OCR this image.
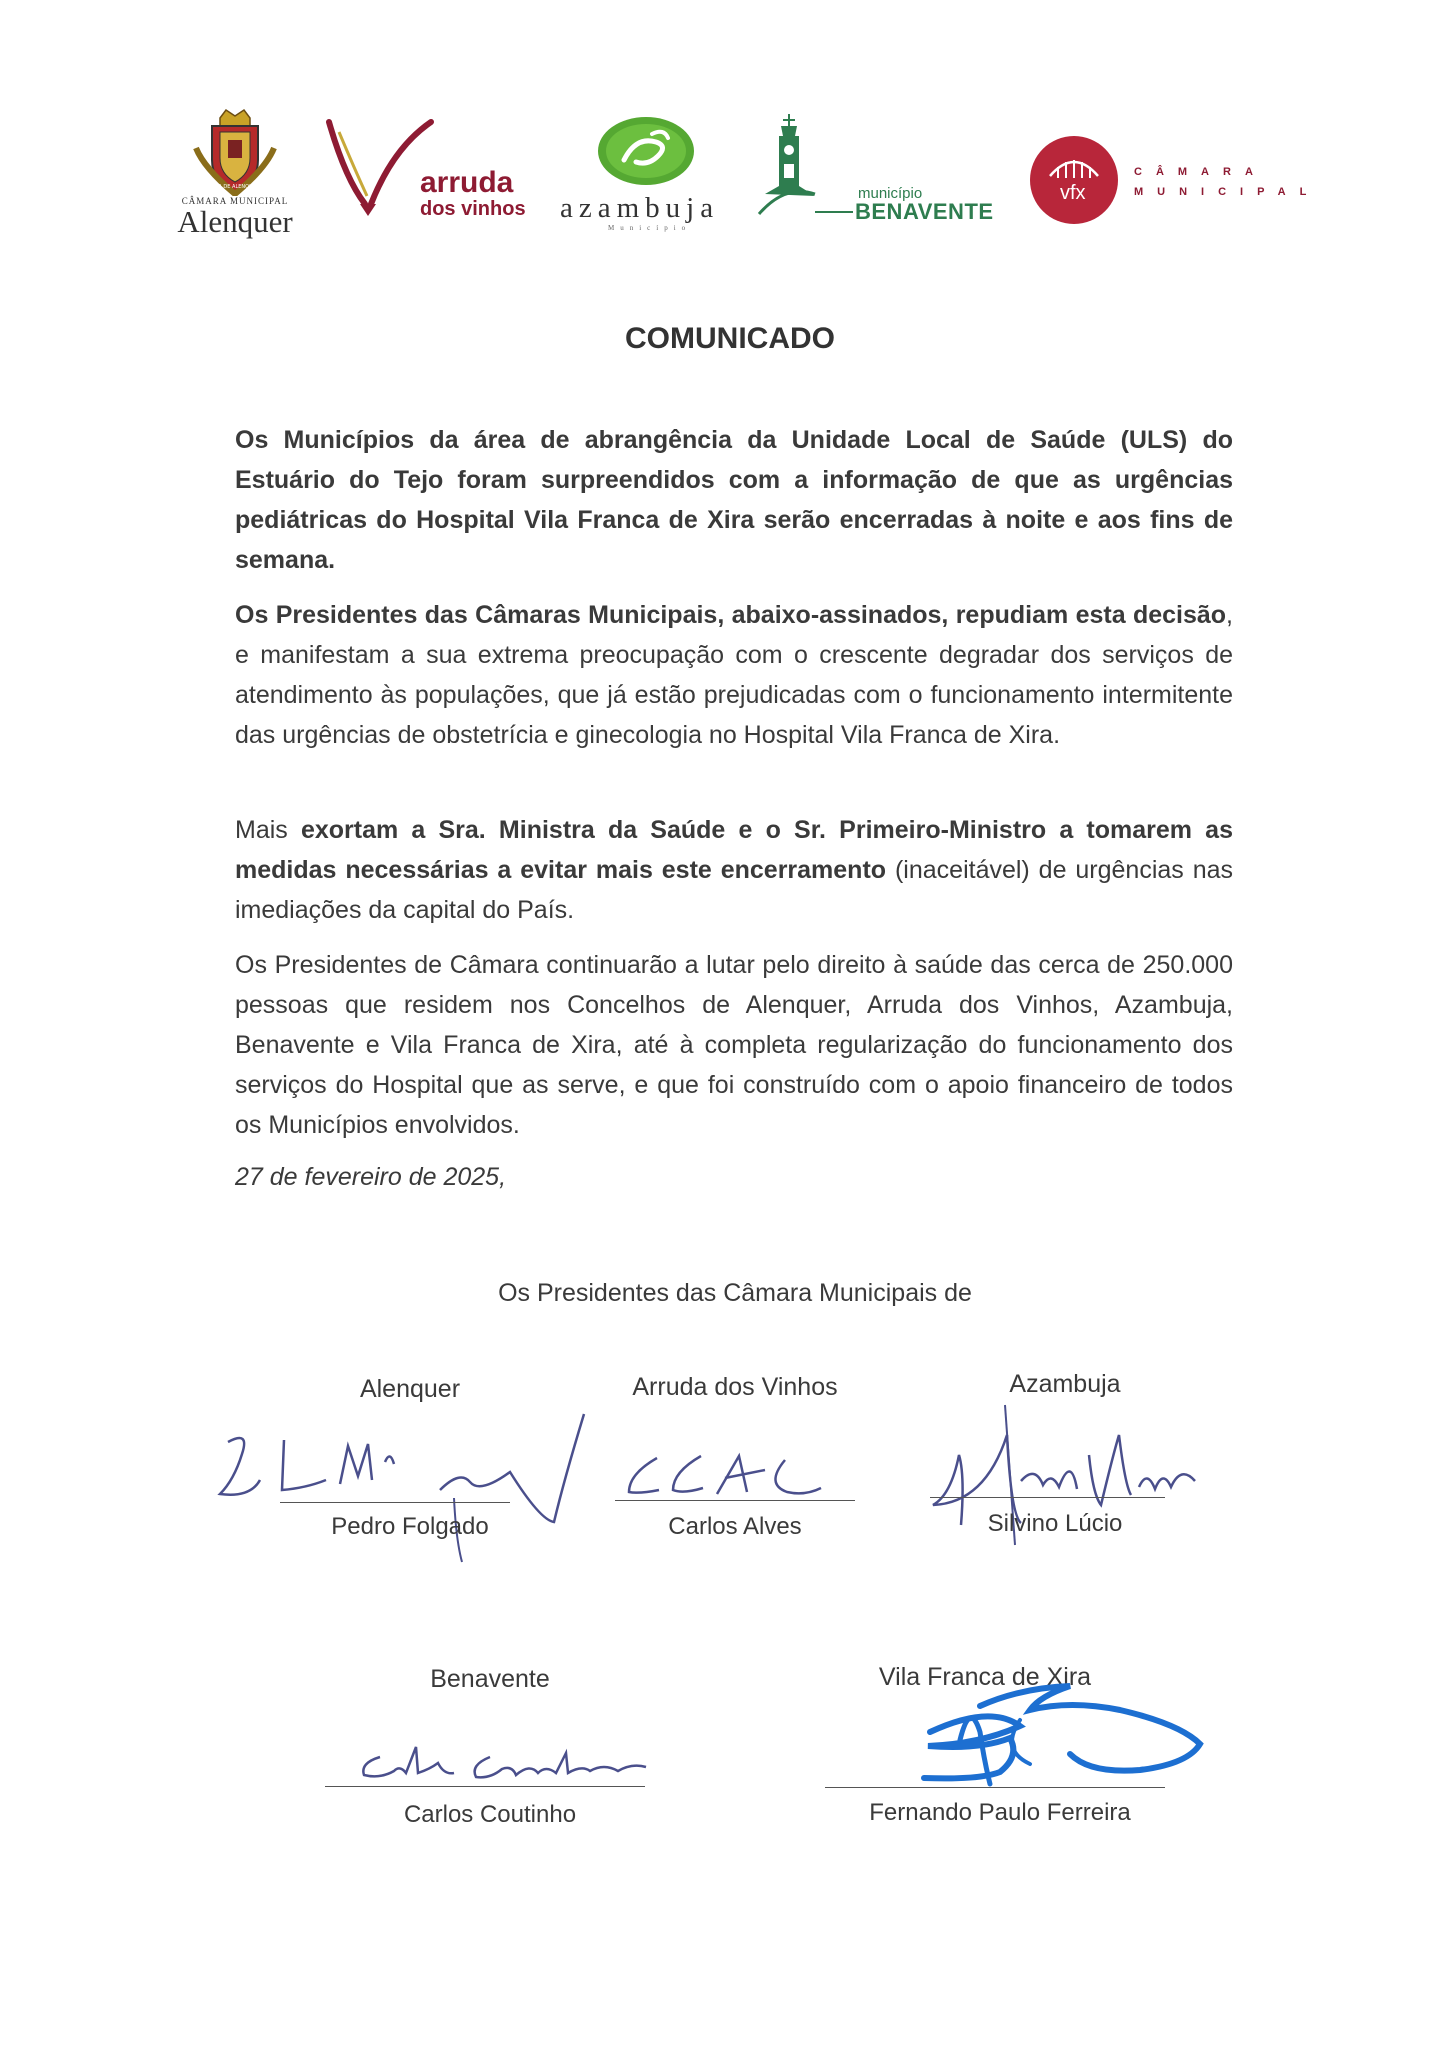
VILA DE ALENQUER
CÂMARA MUNICIPAL
Alenquer
arruda
dos vinhos azambuja
Município
município
BENAVENTE
vfx
CÂMARA
MUNICIPAL
COMUNICADO
Os Municípios da área de abrangência da Unidade Local de Saúde (ULS) do Estuário do Tejo foram surpreendidos com a informação de que as urgências pediátricas do Hospital Vila Franca de Xira serão encerradas à noite e aos fins de semana.
Os Presidentes das Câmaras Municipais, abaixo-assinados, repudiam esta decisão, e manifestam a sua extrema preocupação com o crescente degradar dos serviços de atendimento às populações, que já estão prejudicadas com o funcionamento intermitente das urgências de obstetrícia e ginecologia no Hospital Vila Franca de Xira.
Mais exortam a Sra. Ministra da Saúde e o Sr. Primeiro-Ministro a tomarem as medidas necessárias a evitar mais este encerramento (inaceitável) de urgências nas imediações da capital do País.
Os Presidentes de Câmara continuarão a lutar pelo direito à saúde das cerca de 250.000 pessoas que residem nos Concelhos de Alenquer, Arruda dos Vinhos, Azambuja, Benavente e Vila Franca de Xira, até à completa regularização do funcionamento dos serviços do Hospital que as serve, e que foi construído com o apoio financeiro de todos os Municípios envolvidos.
27 de fevereiro de 2025,
Os Presidentes das Câmara Municipais de
Alenquer
Pedro Folgado
Arruda dos Vinhos
Carlos Alves
Azambuja
Silvino Lúcio
Benavente
Carlos Coutinho
Vila Franca de Xira
Fernando Paulo Ferreira
